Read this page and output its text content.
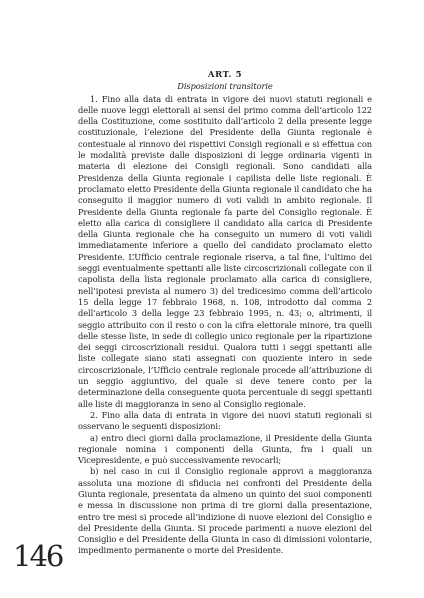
ART. 5
Disposizioni transitorie

1. Fino alla data di entrata in vigore dei nuovi statuti regionali e delle nuove leggi elettorali ai sensi del primo comma dell’articolo 122 della Costituzione, come sostituito dall’articolo 2 della presente legge costituzionale, l’elezione del Presidente della Giunta regionale è contestuale al rinnovo dei rispettivi Consigli regionali e si effettua con le modalità previste dalle disposizioni di legge ordinaria vigenti in materia di elezione dei Consigli regionali. Sono candidati alla Presidenza della Giunta regionale i capilista delle liste regionali. È proclamato eletto Presidente della Giunta regionale il candidato che ha conseguito il maggior numero di voti validi in ambito regionale. Il Presidente della Giunta regionale fa parte del Consiglio regionale. È eletto alla carica di consigliere il candidato alla carica di Presidente della Giunta regionale che ha conseguito un numero di voti validi immediatamente inferiore a quello del candidato proclamato eletto Presidente. L’Ufficio centrale regionale riserva, a tal fine, l’ultimo dei seggi eventualmente spettanti alle liste circoscrizionali collegate con il capolista della lista regionale proclamato alla carica di consigliere, nell’ipotesi prevista al numero 3) del tredicesimo comma dell’articolo 15 della legge 17 febbraio 1968, n. 108, introdotto dal comma 2 dell’articolo 3 della legge 23 febbraio 1995, n. 43; o, altrimenti, il seggio attribuito con il resto o con la cifra elettorale minore, tra quelli delle stesse liste, in sede di collegio unico regionale per la ripartizione dei seggi circoscrizionali residui. Qualora tutti i seggi spettanti alle liste collegate siano stati assegnati con quoziente intero in sede circoscrizionale, l’Ufficio centrale regionale procede all’attribuzione di un seggio aggiuntivo, del quale si deve tenere conto per la determinazione della conseguente quota percentuale di seggi spettanti alle liste di maggioranza in seno al Consiglio regionale.

2. Fino alla data di entrata in vigore dei nuovi statuti regionali si osservano le seguenti disposizioni:

a) entro dieci giorni dalla proclamazione, il Presidente della Giunta regionale nomina i componenti della Giunta, fra i quali un Vicepresidente, e può successivamente revocarli;

b) nel caso in cui il Consiglio regionale approvi a maggioranza assoluta una mozione di sfiducia nei confronti del Presidente della Giunta regionale, presentata da almeno un quinto dei suoi componenti e messa in discussione non prima di tre giorni dalla presentazione, entro tre mesi si procede all’indizione di nuove elezioni del Consiglio e del Presidente della Giunta. Si procede parimenti a nuove elezioni del Consiglio e del Presidente della Giunta in caso di dimissioni volontarie, impedimento permanente o morte del Presidente.

146
